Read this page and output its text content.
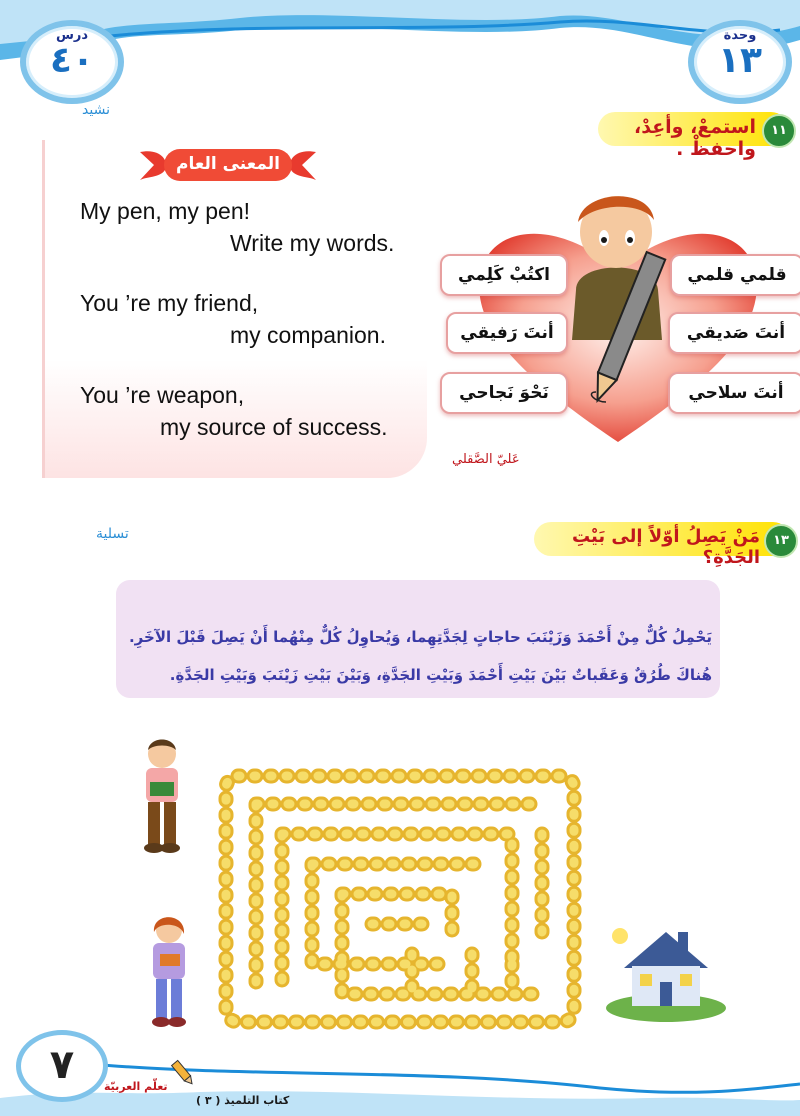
درس
٤٠
وحدة
١٣
نشيد
١١
استمعْ، وأعِدْ، واحفظْ .
المعنى العام
My pen, my pen!
Write my words.
You ’re my friend,
my companion.
You ’re weapon,
my source of success.
اكتُبْ كَلِمي	قلمي قلمي
أنتَ رَفيقي	أنتَ صَديقي
نَحْوَ نَجاحي	أنتَ سلاحي
عَليّ الصَّقلي
تسلية	١٣
مَنْ يَصِلُ أوّلاً إلى بَيْتِ الجَدَّةِ؟
يَحْمِلُ كُلٌّ مِنْ أَحْمَدَ وَزَيْنَبَ حاجاتٍ لِجَدَّتِهِما، وَيُحاوِلُ كُلٌّ مِنْهُما أَنْ يَصِلَ قَبْلَ الآخَرِ.
هُناكَ طُرُقٌ وَعَقَباتٌ بَيْنَ بَيْتِ أَحْمَدَ وَبَيْتِ الجَدَّةِ، وَبَيْنَ بَيْتِ زَيْنَبَ وَبَيْتِ الجَدَّةِ.
٧	تعلّم العربيّة
كتاب التلميذ ( ٣ )
